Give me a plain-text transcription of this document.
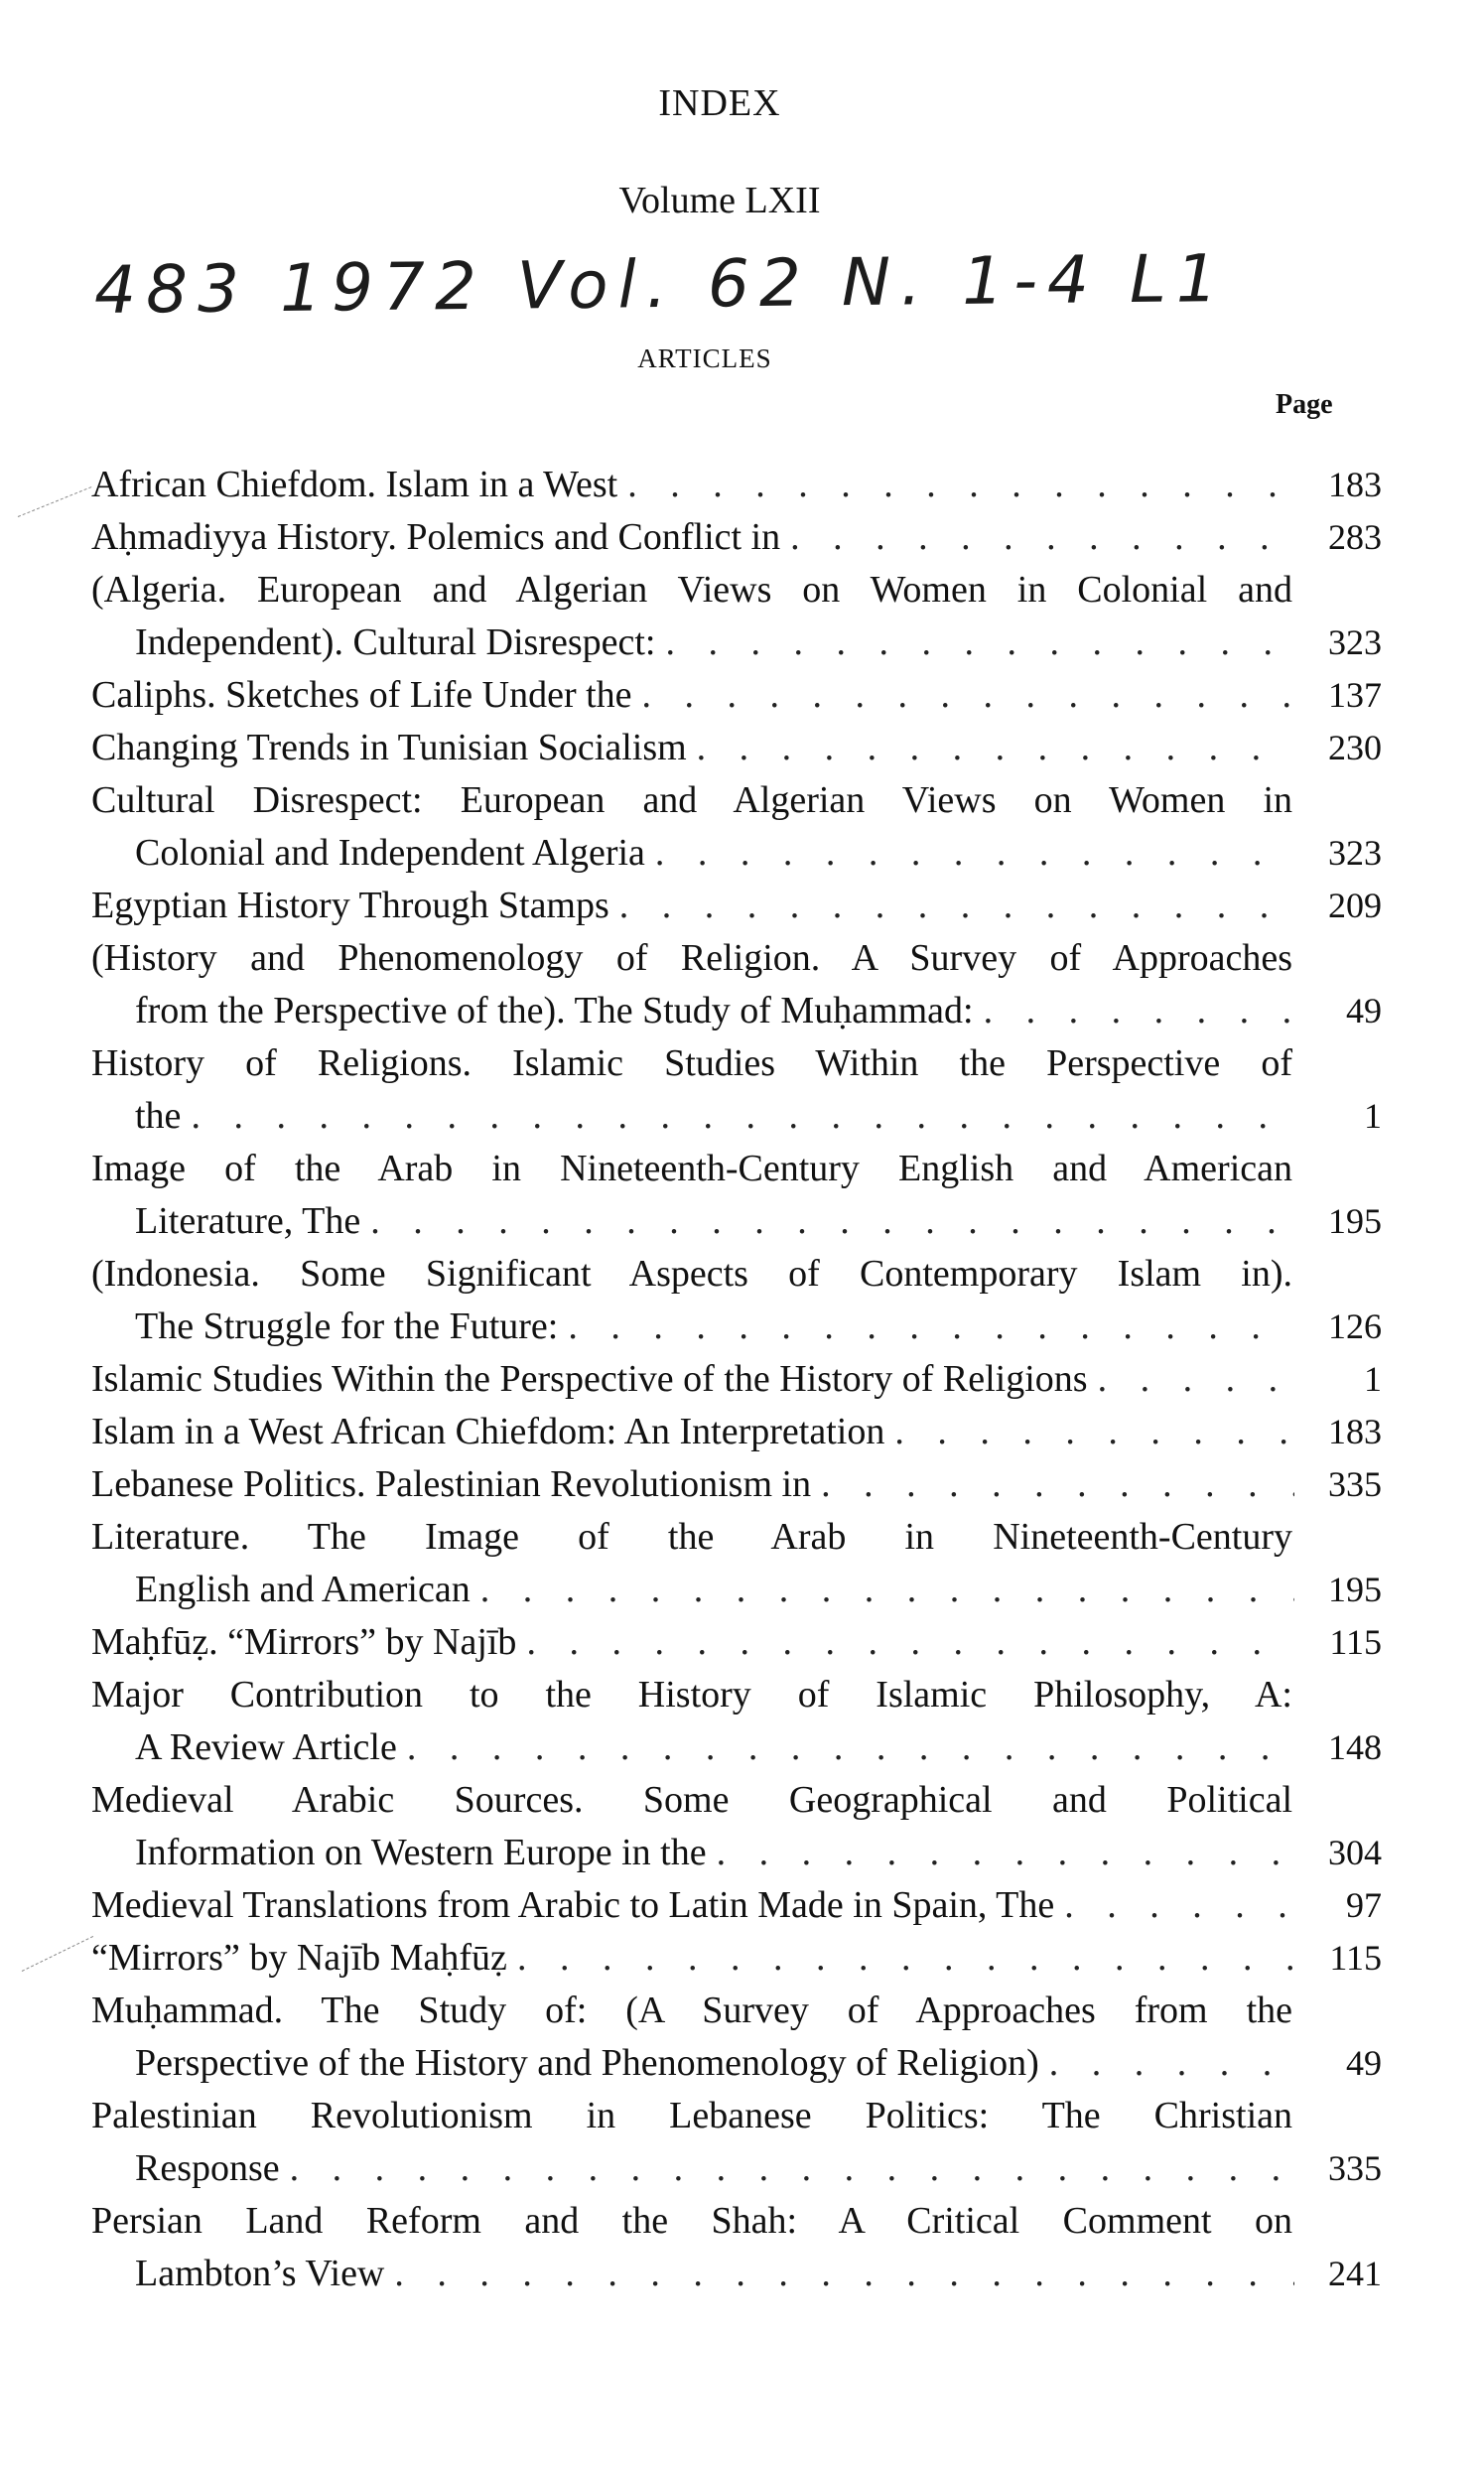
INDEX
Volume LXII
483 1972 Vol. 62 N. 1-4 L1
ARTICLES
Page
African Chiefdom. Islam in a West . . .	183
Aḥmadiyya History. Polemics and Conflict in . . .	283
(Algeria. European and Algerian Views on Women in Colonial and
Independent). Cultural Disrespect: . . .	323
Caliphs. Sketches of Life Under the . . .	137
Changing Trends in Tunisian Socialism . . .	230
Cultural Disrespect: European and Algerian Views on Women in
Colonial and Independent Algeria . . .	323
Egyptian History Through Stamps . . .	209
(History and Phenomenology of Religion. A Survey of Approaches
from the Perspective of the). The Study of Muḥammad: . . .	49
History of Religions. Islamic Studies Within the Perspective of
the . . .	1
Image of the Arab in Nineteenth-Century English and American
Literature, The . . .	195
(Indonesia. Some Significant Aspects of Contemporary Islam in).
The Struggle for the Future: . . .	126
Islamic Studies Within the Perspective of the History of Religions . . .	1
Islam in a West African Chiefdom: An Interpretation . . .	183
Lebanese Politics. Palestinian Revolutionism in . . .	335
Literature. The Image of the Arab in Nineteenth-Century
English and American . . .	195
Maḥfūẓ. “Mirrors” by Najīb . . .	115
Major Contribution to the History of Islamic Philosophy, A:
A Review Article . . .	148
Medieval Arabic Sources. Some Geographical and Political
Information on Western Europe in the . . .	304
Medieval Translations from Arabic to Latin Made in Spain, The . . .	97
“Mirrors” by Najīb Maḥfūẓ . . .	115
Muḥammad. The Study of: (A Survey of Approaches from the
Perspective of the History and Phenomenology of Religion) . . .	49
Palestinian Revolutionism in Lebanese Politics: The Christian
Response . . .	335
Persian Land Reform and the Shah: A Critical Comment on
Lambton’s View . . .	241
